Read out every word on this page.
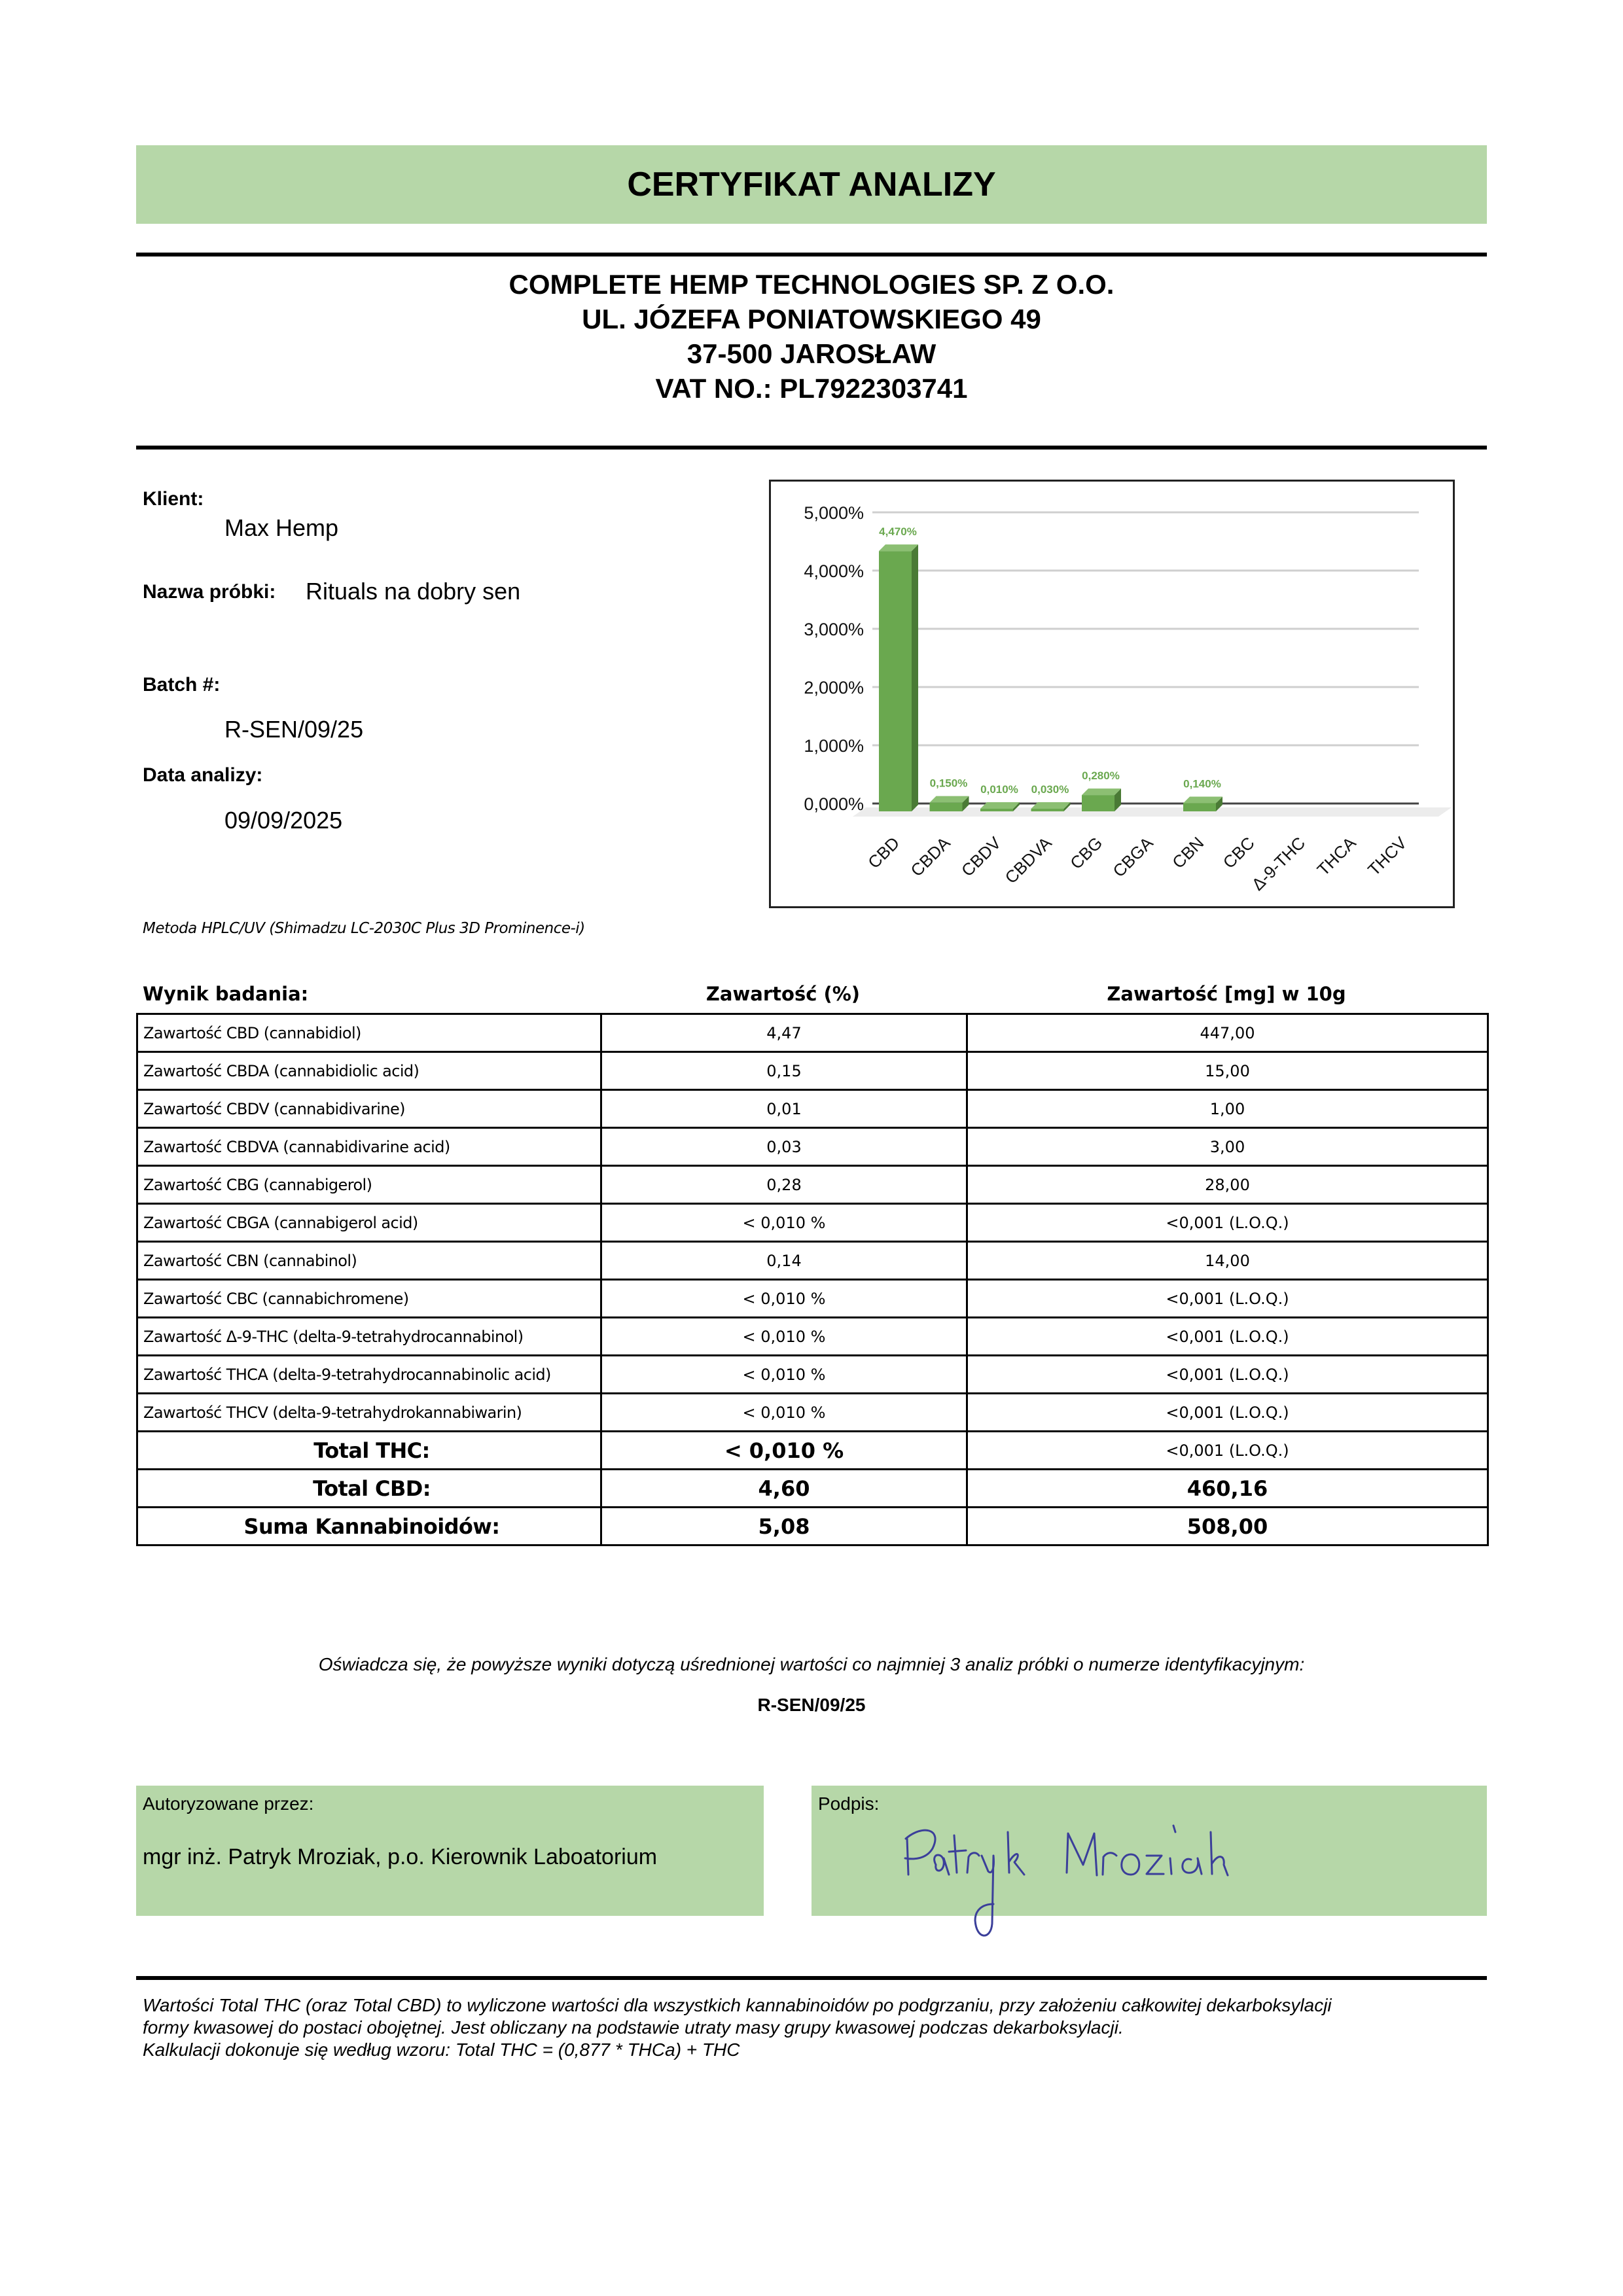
CERTYFIKAT ANALIZY
COMPLETE HEMP TECHNOLOGIES SP. Z O.O.
UL. JÓZEFA PONIATOWSKIEGO 49
37-500 JAROSŁAW
VAT NO.: PL7922303741
Klient:
Max Hemp
Nazwa próbki: Rituals na dobry sen
Batch #:
R-SEN/09/25
Data analizy:
09/09/2025
Metoda HPLC/UV (Shimadzu LC-2030C Plus 3D Prominence-i)
0,000%
1,000%
2,000%
3,000%
4,000%
5,000%
4,470%
CBD
0,150%
CBDA
0,010%
CBDV
0,030%
CBDVA
0,280%
CBG CBGA
0,140%
CBN CBC
Δ-9-THC THCA THCV
Wynik badania:	Zawartość (%)	Zawartość [mg] w 10g
Zawartość CBD (cannabidiol)	4,47	447,00
Zawartość CBDA (cannabidiolic acid)	0,15	15,00
Zawartość CBDV (cannabidivarine)	0,01	1,00
Zawartość CBDVA (cannabidivarine acid)	0,03	3,00
Zawartość CBG (cannabigerol)	0,28	28,00
Zawartość CBGA (cannabigerol acid)	< 0,010 %	<0,001 (L.O.Q.)
Zawartość CBN (cannabinol)	0,14	14,00
Zawartość CBC (cannabichromene)	< 0,010 %	<0,001 (L.O.Q.)
Zawartość Δ-9-THC (delta-9-tetrahydrocannabinol)	< 0,010 %	<0,001 (L.O.Q.)
Zawartość THCA (delta-9-tetrahydrocannabinolic acid)	< 0,010 %	<0,001 (L.O.Q.)
Zawartość THCV (delta-9-tetrahydrokannabiwarin)	< 0,010 %	<0,001 (L.O.Q.)
Total THC:	< 0,010 %	<0,001 (L.O.Q.)
Total CBD:	4,60	460,16
Suma Kannabinoidów:	5,08	508,00
Oświadcza się, że powyższe wyniki dotyczą uśrednionej wartości co najmniej 3 analiz próbki o numerze identyfikacyjnym:
R-SEN/09/25
Autoryzowane przez:
mgr inż. Patryk Mroziak, p.o. Kierownik Laboatorium
Podpis:
Wartości Total THC (oraz Total CBD) to wyliczone wartości dla wszystkich kannabinoidów po podgrzaniu, przy założeniu całkowitej dekarboksylacji
formy kwasowej do postaci obojętnej. Jest obliczany na podstawie utraty masy grupy kwasowej podczas dekarboksylacji.
Kalkulacji dokonuje się według wzoru: Total THC = (0,877 * THCa) + THC
